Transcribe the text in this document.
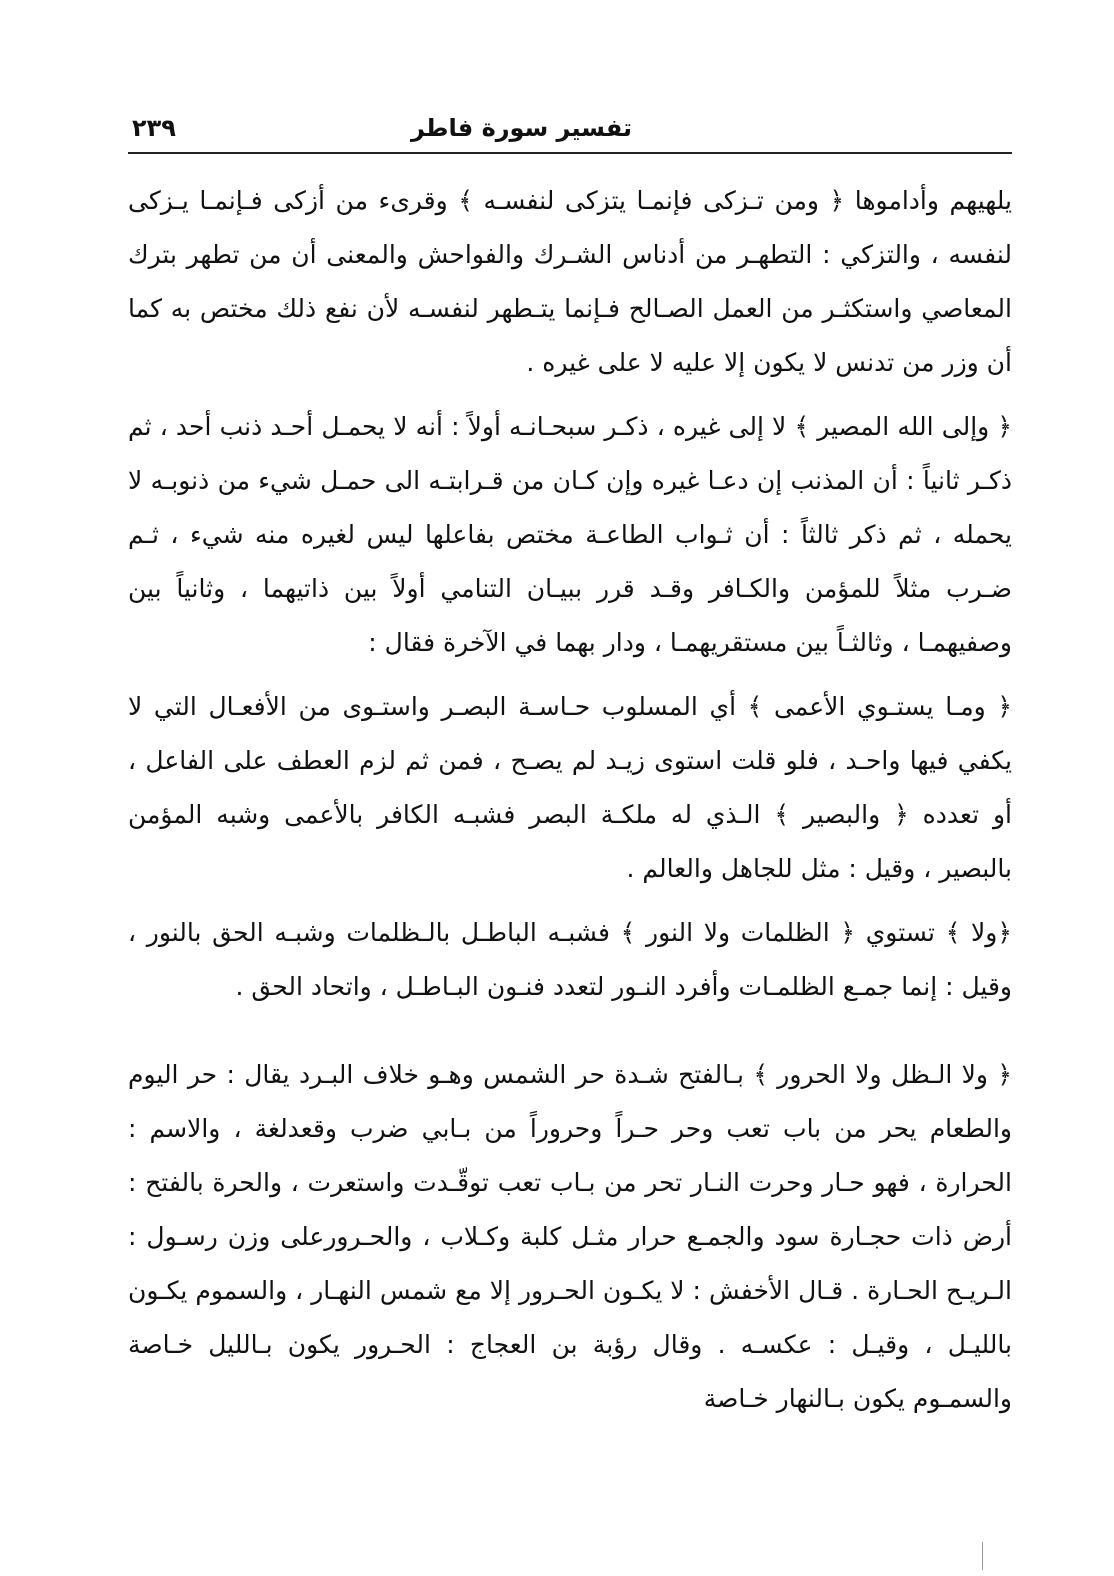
تفسير سورة فاطر
٢٣٩

يلهيهم وأداموها ﴿ ومن تـزكى فإنمـا يتزكى لنفسـه ﴾ وقرىء من أزكى فـإنمـا يـزكى لنفسه ، والتزكي : التطهـر من أدناس الشـرك والفواحش والمعنى أن من تطهر بترك المعاصي واستكثـر من العمل الصـالح فـإنما يتـطهر لنفسـه لأن نفع ذلك مختص به كما أن وزر من تدنس لا يكون إلا عليه لا على غيره .

﴿ وإلى الله المصير ﴾ لا إلى غيره ، ذكـر سبحـانـه أولاً : أنه لا يحمـل أحـد ذنب أحد ، ثم ذكـر ثانياً : أن المذنب إن دعـا غيره وإن كـان من قـرابتـه الى حمـل شيء من ذنوبـه لا يحمله ، ثم ذكر ثالثاً : أن ثـواب الطاعـة مختص بفاعلها ليس لغيره منه شيء ، ثـم ضـرب مثلاً للمؤمن والكـافر وقـد قرر ببيـان التنامي أولاً بين ذاتيهما ، وثانياً بين وصفيهمـا ، وثالثـاً بين مستقريهمـا ، ودار بهما في الآخرة فقال :

﴿ ومـا يستـوي الأعمى ﴾ أي المسلوب حـاسـة البصـر واستـوى من الأفعـال التي لا يكفي فيها واحـد ، فلو قلت استوى زيـد لم يصـح ، فمن ثم لزم العطف على الفاعل ، أو تعدده ﴿ والبصير ﴾ الـذي له ملكـة البصر فشبـه الكافر بالأعمى وشبه المؤمن بالبصير ، وقيل : مثل للجاهل والعالم .

﴿ولا ﴾ تستوي ﴿ الظلمات ولا النور ﴾ فشبـه الباطـل بالـظلمات وشبـه الحق بالنور ، وقيل : إنما جمـع الظلمـات وأفرد النـور لتعدد فنـون البـاطـل ، واتحاد الحق .

﴿ ولا الـظل ولا الحرور ﴾ بـالفتح شـدة حر الشمس وهـو خلاف البـرد يقال : حر اليوم والطعام يحر من باب تعب وحر حـراً وحروراً من بـابي ضرب وقعدلغة ، والاسم : الحرارة ، فهو حـار وحرت النـار تحر من بـاب تعب توقّـدت واستعرت ، والحرة بالفتح : أرض ذات حجـارة سود والجمـع حرار مثـل كلبة وكـلاب ، والحـرورعلى وزن رسـول : الـريـح الحـارة . قـال الأخفش : لا يكـون الحـرور إلا مع شمس النهـار ، والسموم يكـون بالليـل ، وقيـل : عكسـه . وقال رؤبة بن العجاج : الحـرور يكون بـالليل خـاصة والسمـوم يكون بـالنهار خـاصة
